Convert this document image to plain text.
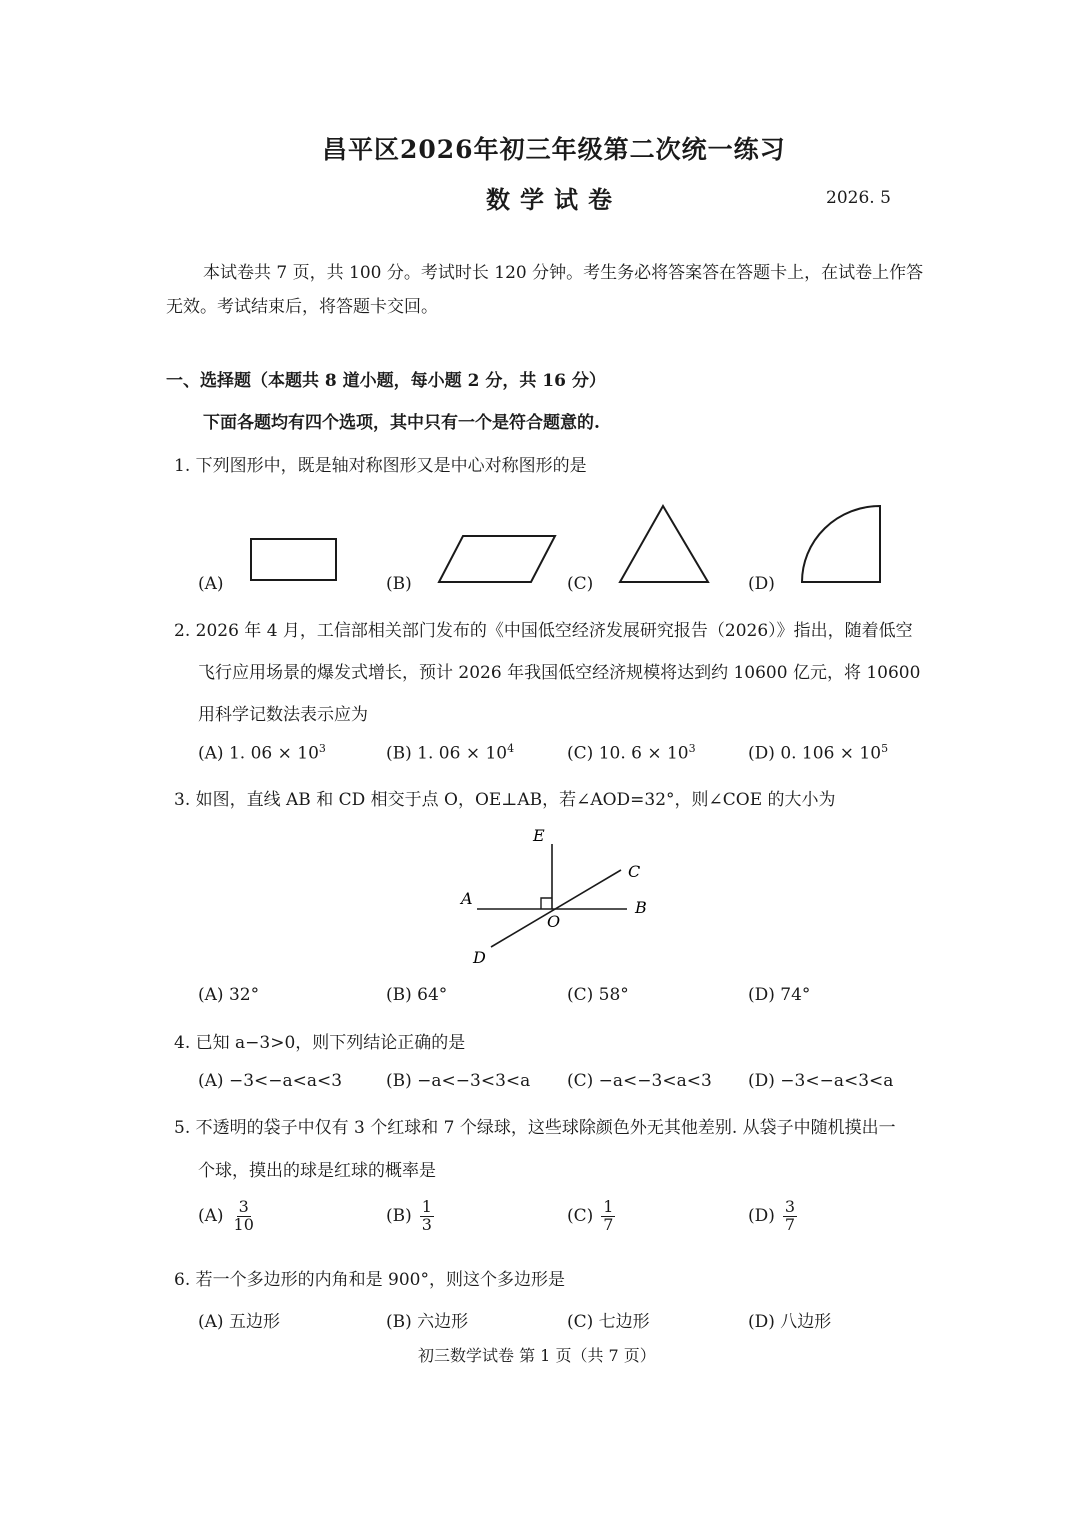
昌平区2026年初三年级第二次统一练习
数学试卷	2026. 5
本试卷共 7 页，共 100 分。考试时长 120 分钟。考生务必将答案答在答题卡上，在试卷上作答
无效。考试结束后，将答题卡交回。
一、选择题（本题共 8 道小题，每小题 2 分，共 16 分）
下面各题均有四个选项，其中只有一个是符合题意的.
1. 下列图形中，既是轴对称图形又是中心对称图形的是
(A)	(B)	(C)	(D)
2. 2026 年 4 月，工信部相关部门发布的《中国低空经济发展研究报告（2026）》指出，随着低空
飞行应用场景的爆发式增长，预计 2026 年我国低空经济规模将达到约 10600 亿元，将 10600
用科学记数法表示应为
(A) 1. $06 \times 10^3$	(B) 1. $06 \times 10^4$	(C) 10. $6 \times 10^3$	(D) 0. $106 \times 10^5$
3. 如图，直线 AB 和 CD 相交于点 O，OE⊥AB，若∠AOD=32°，则∠COE 的大小为
E
C
A	B
O
D
(A) 32°	(B) 64°	(C) 58°	(D) 74°
4. 已知 a−3>0，则下列结论正确的是
(A) −3<−a<a<3	(B) −a<−3<3<a (C) −a<−3<a<3 (D) −3<−a<3<a
5. 不透明的袋子中仅有 3 个红球和 7 个绿球，这些球除颜色外无其他差别. 从袋子中随机摸出一
个球，摸出的球是红球的概率是
$(A) \frac{3}{10}$	$(B) \frac{1}{3}$	$(C) \frac{1}{7}$	$(D) \frac{3}{7}$
6. 若一个多边形的内角和是 900°，则这个多边形是
(A) 五边形	(B) 六边形	(C) 七边形	(D) 八边形
初三数学试卷 第 1 页（共 7 页）
